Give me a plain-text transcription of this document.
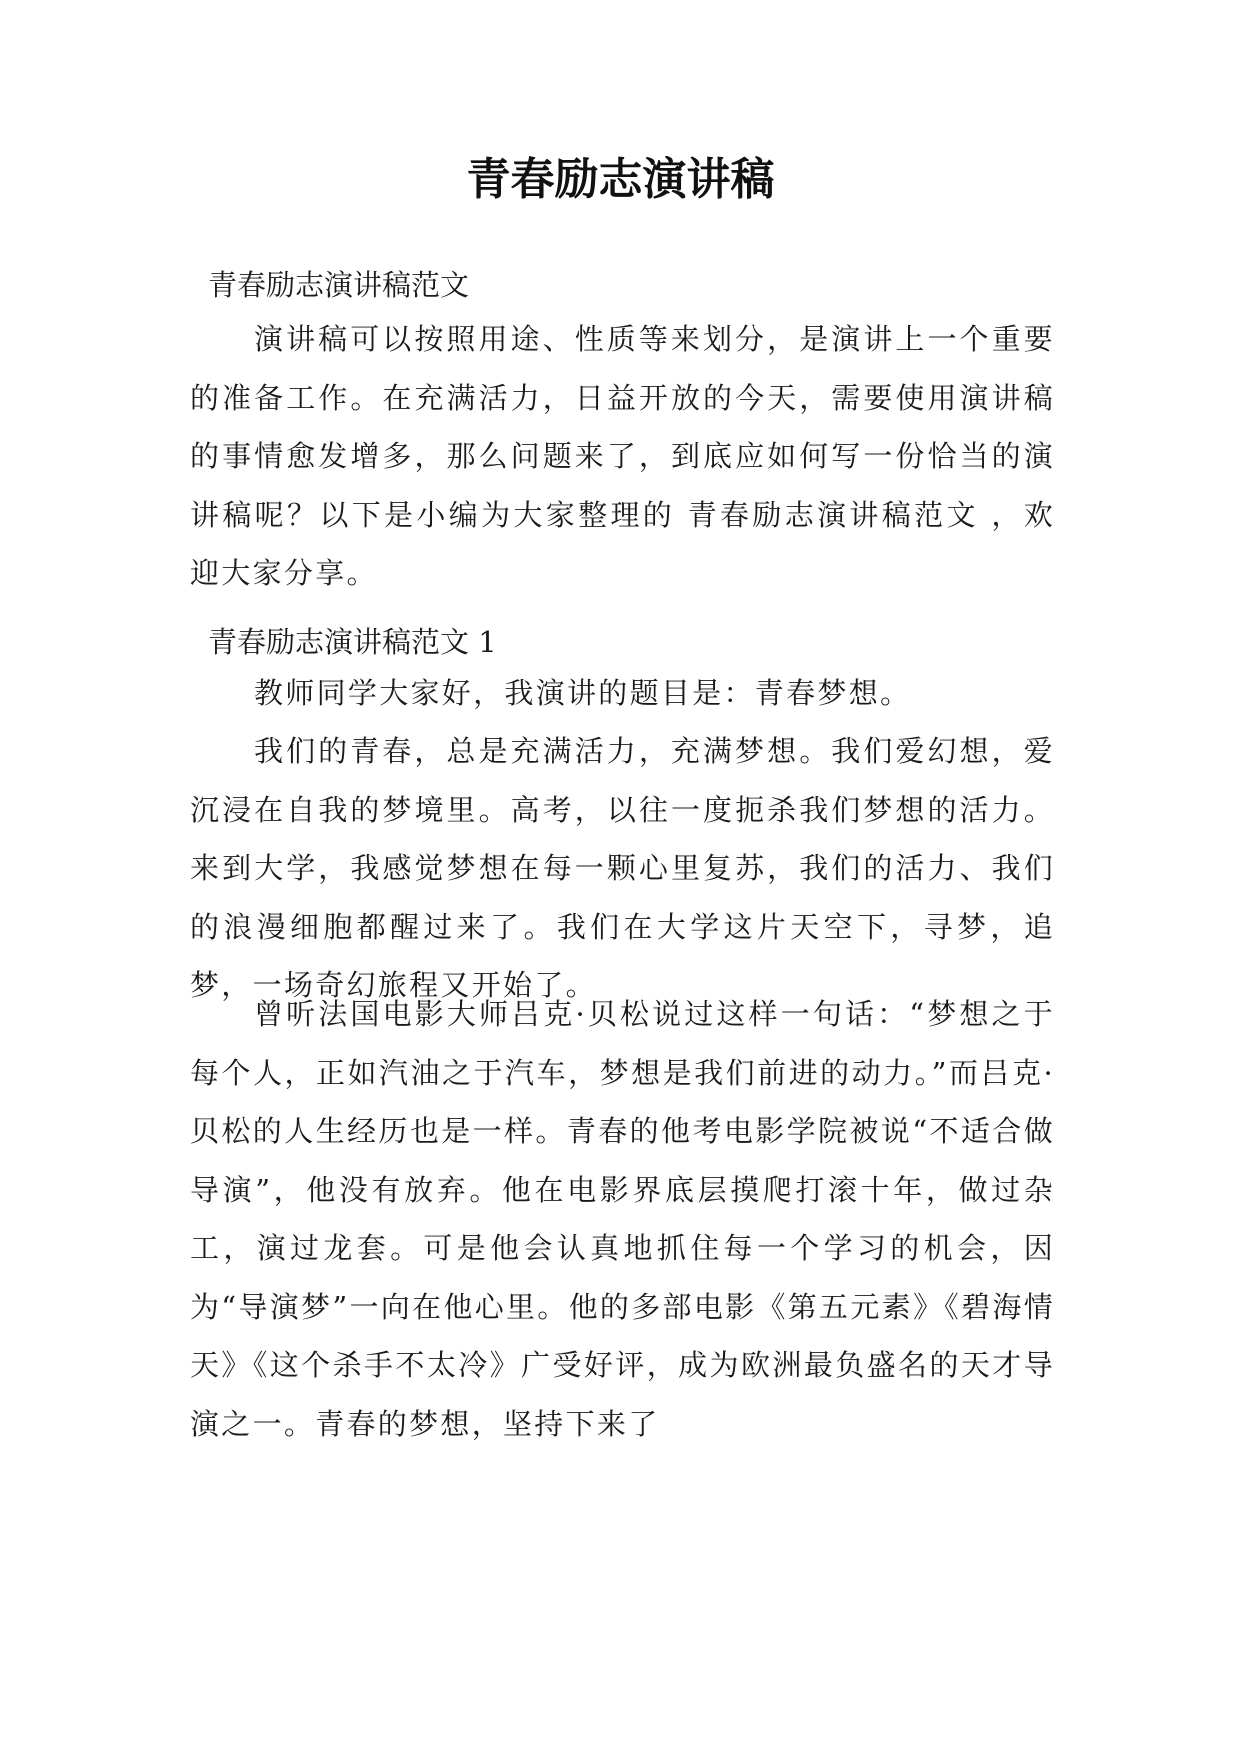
青春励志演讲稿

青春励志演讲稿范文

演讲稿可以按照用途、性质等来划分，是演讲上一个重要的准备工作。在充满活力，日益开放的今天，需要使用演讲稿的事情愈发增多，那么问题来了，到底应如何写一份恰当的演讲稿呢？以下是小编为大家整理的 青春励志演讲稿范文 ，欢迎大家分享。

青春励志演讲稿范文 1

教师同学大家好，我演讲的题目是：青春梦想。

我们的青春，总是充满活力，充满梦想。我们爱幻想，爱沉浸在自我的梦境里。高考，以往一度扼杀我们梦想的活力。来到大学，我感觉梦想在每一颗心里复苏，我们的活力、我们的浪漫细胞都醒过来了。我们在大学这片天空下，寻梦，追梦，一场奇幻旅程又开始了。

曾听法国电影大师吕克·贝松说过这样一句话：“梦想之于每个人，正如汽油之于汽车，梦想是我们前进的动力。”而吕克·贝松的人生经历也是一样。青春的他考电影学院被说“不适合做导演”，他没有放弃。他在电影界底层摸爬打滚十年，做过杂工，演过龙套。可是他会认真地抓住每一个学习的机会，因为“导演梦”一向在他心里。他的多部电影《第五元素》《碧海情天》《这个杀手不太冷》广受好评，成为欧洲最负盛名的天才导演之一。青春的梦想，坚持下来了
